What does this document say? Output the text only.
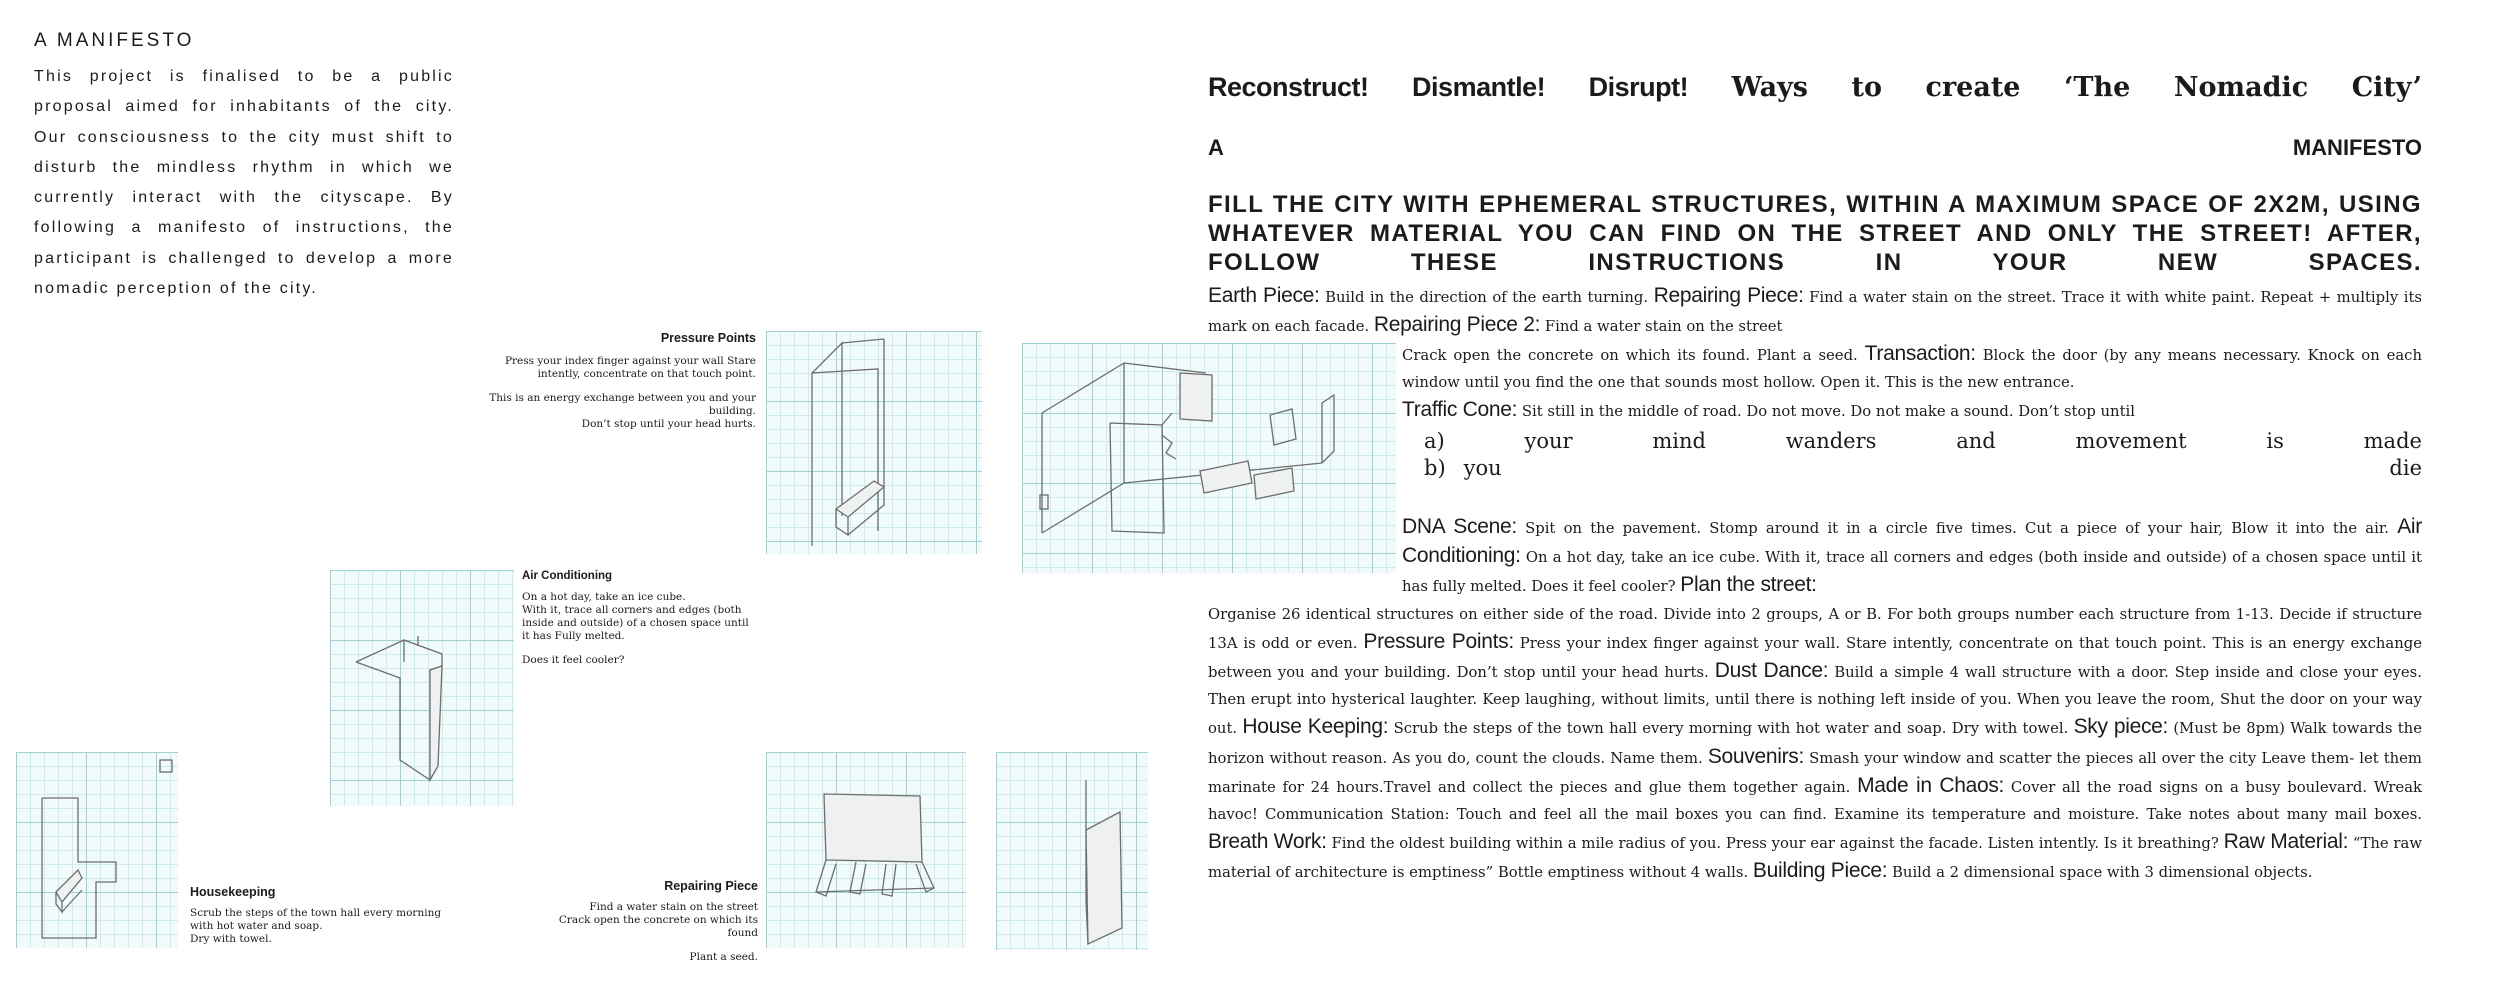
A MANIFESTO
This project is finalised to be a public proposal aimed for inhabitants of the city. Our consciousness to the city must shift to disturb the mindless rhythm in which we currently interact with the cityscape. By following a manifesto of instructions, the participant is challenged to develop a more nomadic perception of the city.
Pressure Points
Press your index finger against your wall Stare intently, concentrate on that touch point.
This is an energy exchange between you and your building.
Don’t stop until your head hurts.
Air Conditioning
On a hot day, take an ice cube.
With it, trace all corners and edges (both inside and outside) of a chosen space until it has Fully melted.
Does it feel cooler?
Housekeeping
Scrub the steps of the town hall every morning with hot water and soap.
Dry with towel.
Repairing Piece
Find a water stain on the street
Crack open the concrete on which its found
Plant a seed.
Reconstruct! Dismantle! Disrupt! Ways to create ‘The Nomadic City’
A	MANIFESTO
FILL THE CITY WITH EPHEMERAL STRUCTURES, WITHIN A MAXIMUM SPACE OF 2X2M, USING WHATEVER MATERIAL YOU CAN FIND ON THE STREET AND ONLY THE STREET! AFTER, FOLLOW THESE INSTRUCTIONS IN YOUR NEW SPACES.
Earth Piece: Build in the direction of the earth turning. Repairing Piece: Find a water stain on the street. Trace it with white paint. Repeat + multiply its mark on each facade. Repairing Piece 2: Find a water stain on the street
Crack open the concrete on which its found. Plant a seed. Transaction: Block the door (by any means necessary. Knock on each window until you find the one that sounds most hollow. Open it. This is the new entrance.
Traffic Cone: Sit still in the middle of road. Do not move. Do not make a sound. Don’t stop until
a)	your	mind	wanders	and	movement	is	made
b) you	die
DNA Scene: Spit on the pavement. Stomp around it in a circle five times. Cut a piece of your hair, Blow it into the air. Air Conditioning: On a hot day, take an ice cube. With it, trace all corners and edges (both inside and outside) of a chosen space until it has fully melted. Does it feel cooler? Plan the street:
Organise 26 identical structures on either side of the road. Divide into 2 groups, A or B. For both groups number each structure from 1-13. Decide if structure 13A is odd or even. Pressure Points: Press your index finger against your wall. Stare intently, concentrate on that touch point. This is an energy exchange between you and your building. Don’t stop until your head hurts. Dust Dance: Build a simple 4 wall structure with a door. Step inside and close your eyes. Then erupt into hysterical laughter. Keep laughing, without limits, until there is nothing left inside of you. When you leave the room, Shut the door on your way out. House Keeping: Scrub the steps of the town hall every morning with hot water and soap. Dry with towel. Sky piece: (Must be 8pm) Walk towards the horizon without reason. As you do, count the clouds. Name them. Souvenirs: Smash your window and scatter the pieces all over the city Leave them- let them marinate for 24 hours.Travel and collect the pieces and glue them together again. Made in Chaos: Cover all the road signs on a busy boulevard. Wreak havoc! Communication Station: Touch and feel all the mail boxes you can find. Examine its temperature and moisture. Take notes about many mail boxes. Breath Work: Find the oldest building within a mile radius of you. Press your ear against the facade. Listen intently. Is it breathing? Raw Material: “The raw material of architecture is emptiness” Bottle emptiness without 4 walls. Building Piece: Build a 2 dimensional space with 3 dimensional objects.
